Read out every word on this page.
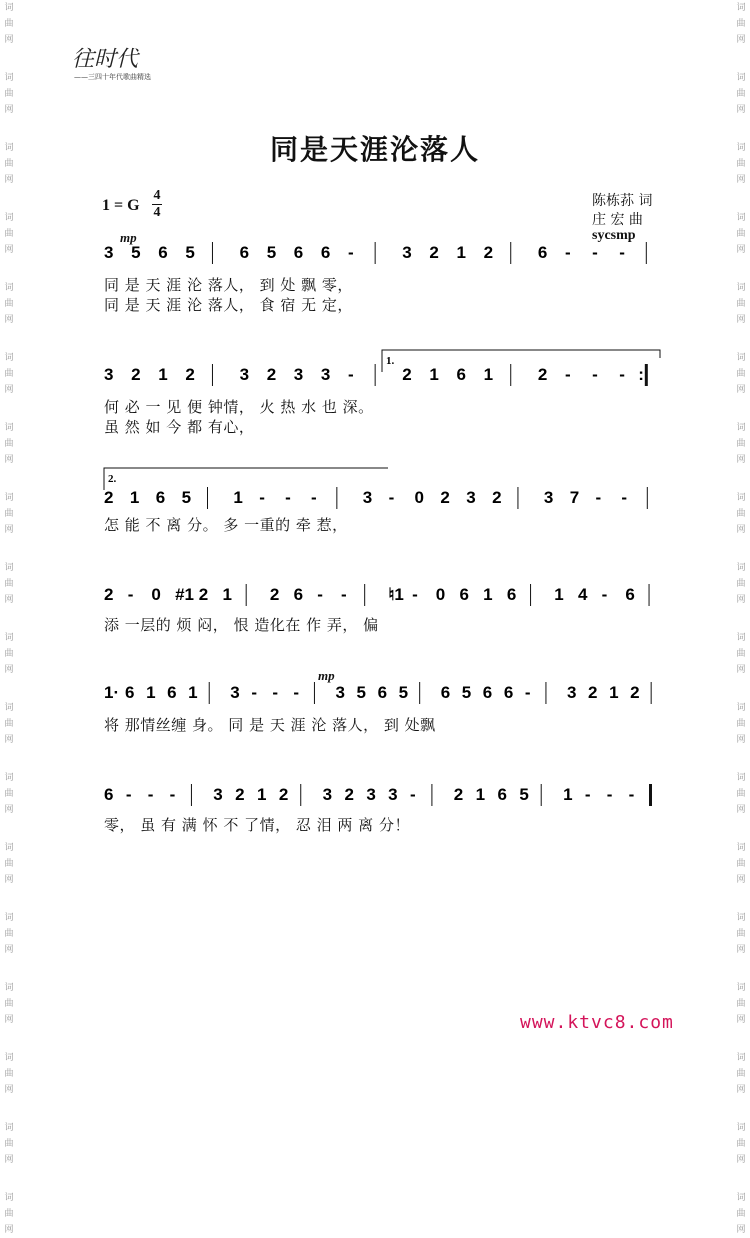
词
曲
网
词
曲
网
词
曲
网
词
曲
网
词
曲
网
词
曲
网
词
曲
网
词
曲
网
词
曲
网
词
曲
网
词
曲
网
词
曲
网
词
曲
网
词
曲
网
词
曲
网
词
曲
网
词
曲
网
词
曲
网
词
曲
网
词
曲
网
词
曲
网
词
曲
网
词
曲
网
词
曲
网
词
曲
网
词
曲
网
词
曲
网
词
曲
网
词
曲
网
词
曲
网
词
曲
网
词
曲
网
词
曲
网
词
曲
网
词
曲
网
词
曲
网
往时代
——三四十年代歌曲精选
同是天涯沦落人
1 = G
4
4
陈栋荪 词
庄 宏 曲
sycsmp
mp
mp
3 5 6 5	6 5 6 6 -	3 2 1 2	6 - - -
3 2 1 2	3 2 3 3 -	2 1 6 1	2 - - - :
2 1 6 5 1 - - -	3 - 0 2 3 2 3 7 - -
2 - 0 #1 2 1 2 6 - - ♮1 - 0 6 1 6 1 4 - 6
1· 6 1 6 1 3 - - - 3 5 6 5 6 5 6 6 - 3 2 1 2
6 - - - 3 2 1 2 3 2 3 3 - 2 1 6 5 1 - - -
1.
2.
同 是 天 涯 沦 落人， 到 处 飘 零，
同 是 天 涯 沦 落人， 食 宿 无 定，
何 必 一 见 便 钟情， 火 热 水 也 深。
虽 然 如 今 都 有心，
怎 能 不 离 分。 多 一重的 牵 惹，
添 一层的 烦 闷， 恨 造化在 作 弄， 偏
将 那情丝缠 身。 同 是 天 涯 沦 落人， 到 处飘
零， 虽 有 满 怀 不 了情， 忍 泪 两 离 分！
www.ktvc8.com
